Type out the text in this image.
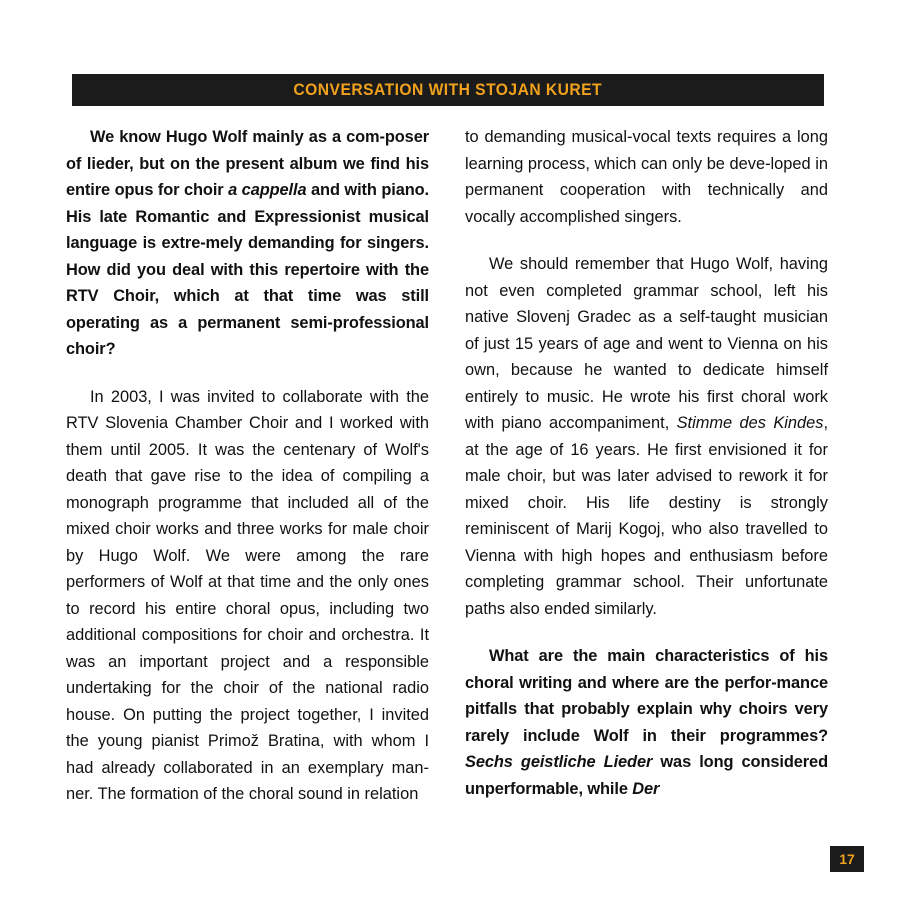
CONVERSATION WITH STOJAN KURET

We know Hugo Wolf mainly as a com-poser of lieder, but on the present album we find his entire opus for choir a cappella and with piano. His late Romantic and Expressionist musical language is extre-mely demanding for singers. How did you deal with this repertoire with the RTV Choir, which at that time was still operating as a permanent semi-professional choir?

In 2003, I was invited to collaborate with the RTV Slovenia Chamber Choir and I worked with them until 2005. It was the centenary of Wolf's death that gave rise to the idea of compiling a monograph programme that included all of the mixed choir works and three works for male choir by Hugo Wolf. We were among the rare performers of Wolf at that time and the only ones to record his entire choral opus, including two additional compositions for choir and orchestra. It was an important project and a responsible undertaking for the choir of the national radio house. On putting the project together, I invited the young pianist Primož Bratina, with whom I had already collaborated in an exemplary man-ner. The formation of the choral sound in relation

to demanding musical-vocal texts requires a long learning process, which can only be deve-loped in permanent cooperation with technically and vocally accomplished singers.

We should remember that Hugo Wolf, having not even completed grammar school, left his native Slovenj Gradec as a self-taught musician of just 15 years of age and went to Vienna on his own, because he wanted to dedicate himself entirely to music. He wrote his first choral work with piano accompaniment, Stimme des Kindes, at the age of 16 years. He first envisioned it for male choir, but was later advised to rework it for mixed choir. His life destiny is strongly reminiscent of Marij Kogoj, who also travelled to Vienna with high hopes and enthusiasm before completing grammar school. Their unfortunate paths also ended similarly.

What are the main characteristics of his choral writing and where are the perfor-mance pitfalls that probably explain why choirs very rarely include Wolf in their programmes? Sechs geistliche Lieder was long considered unperformable, while Der

17
